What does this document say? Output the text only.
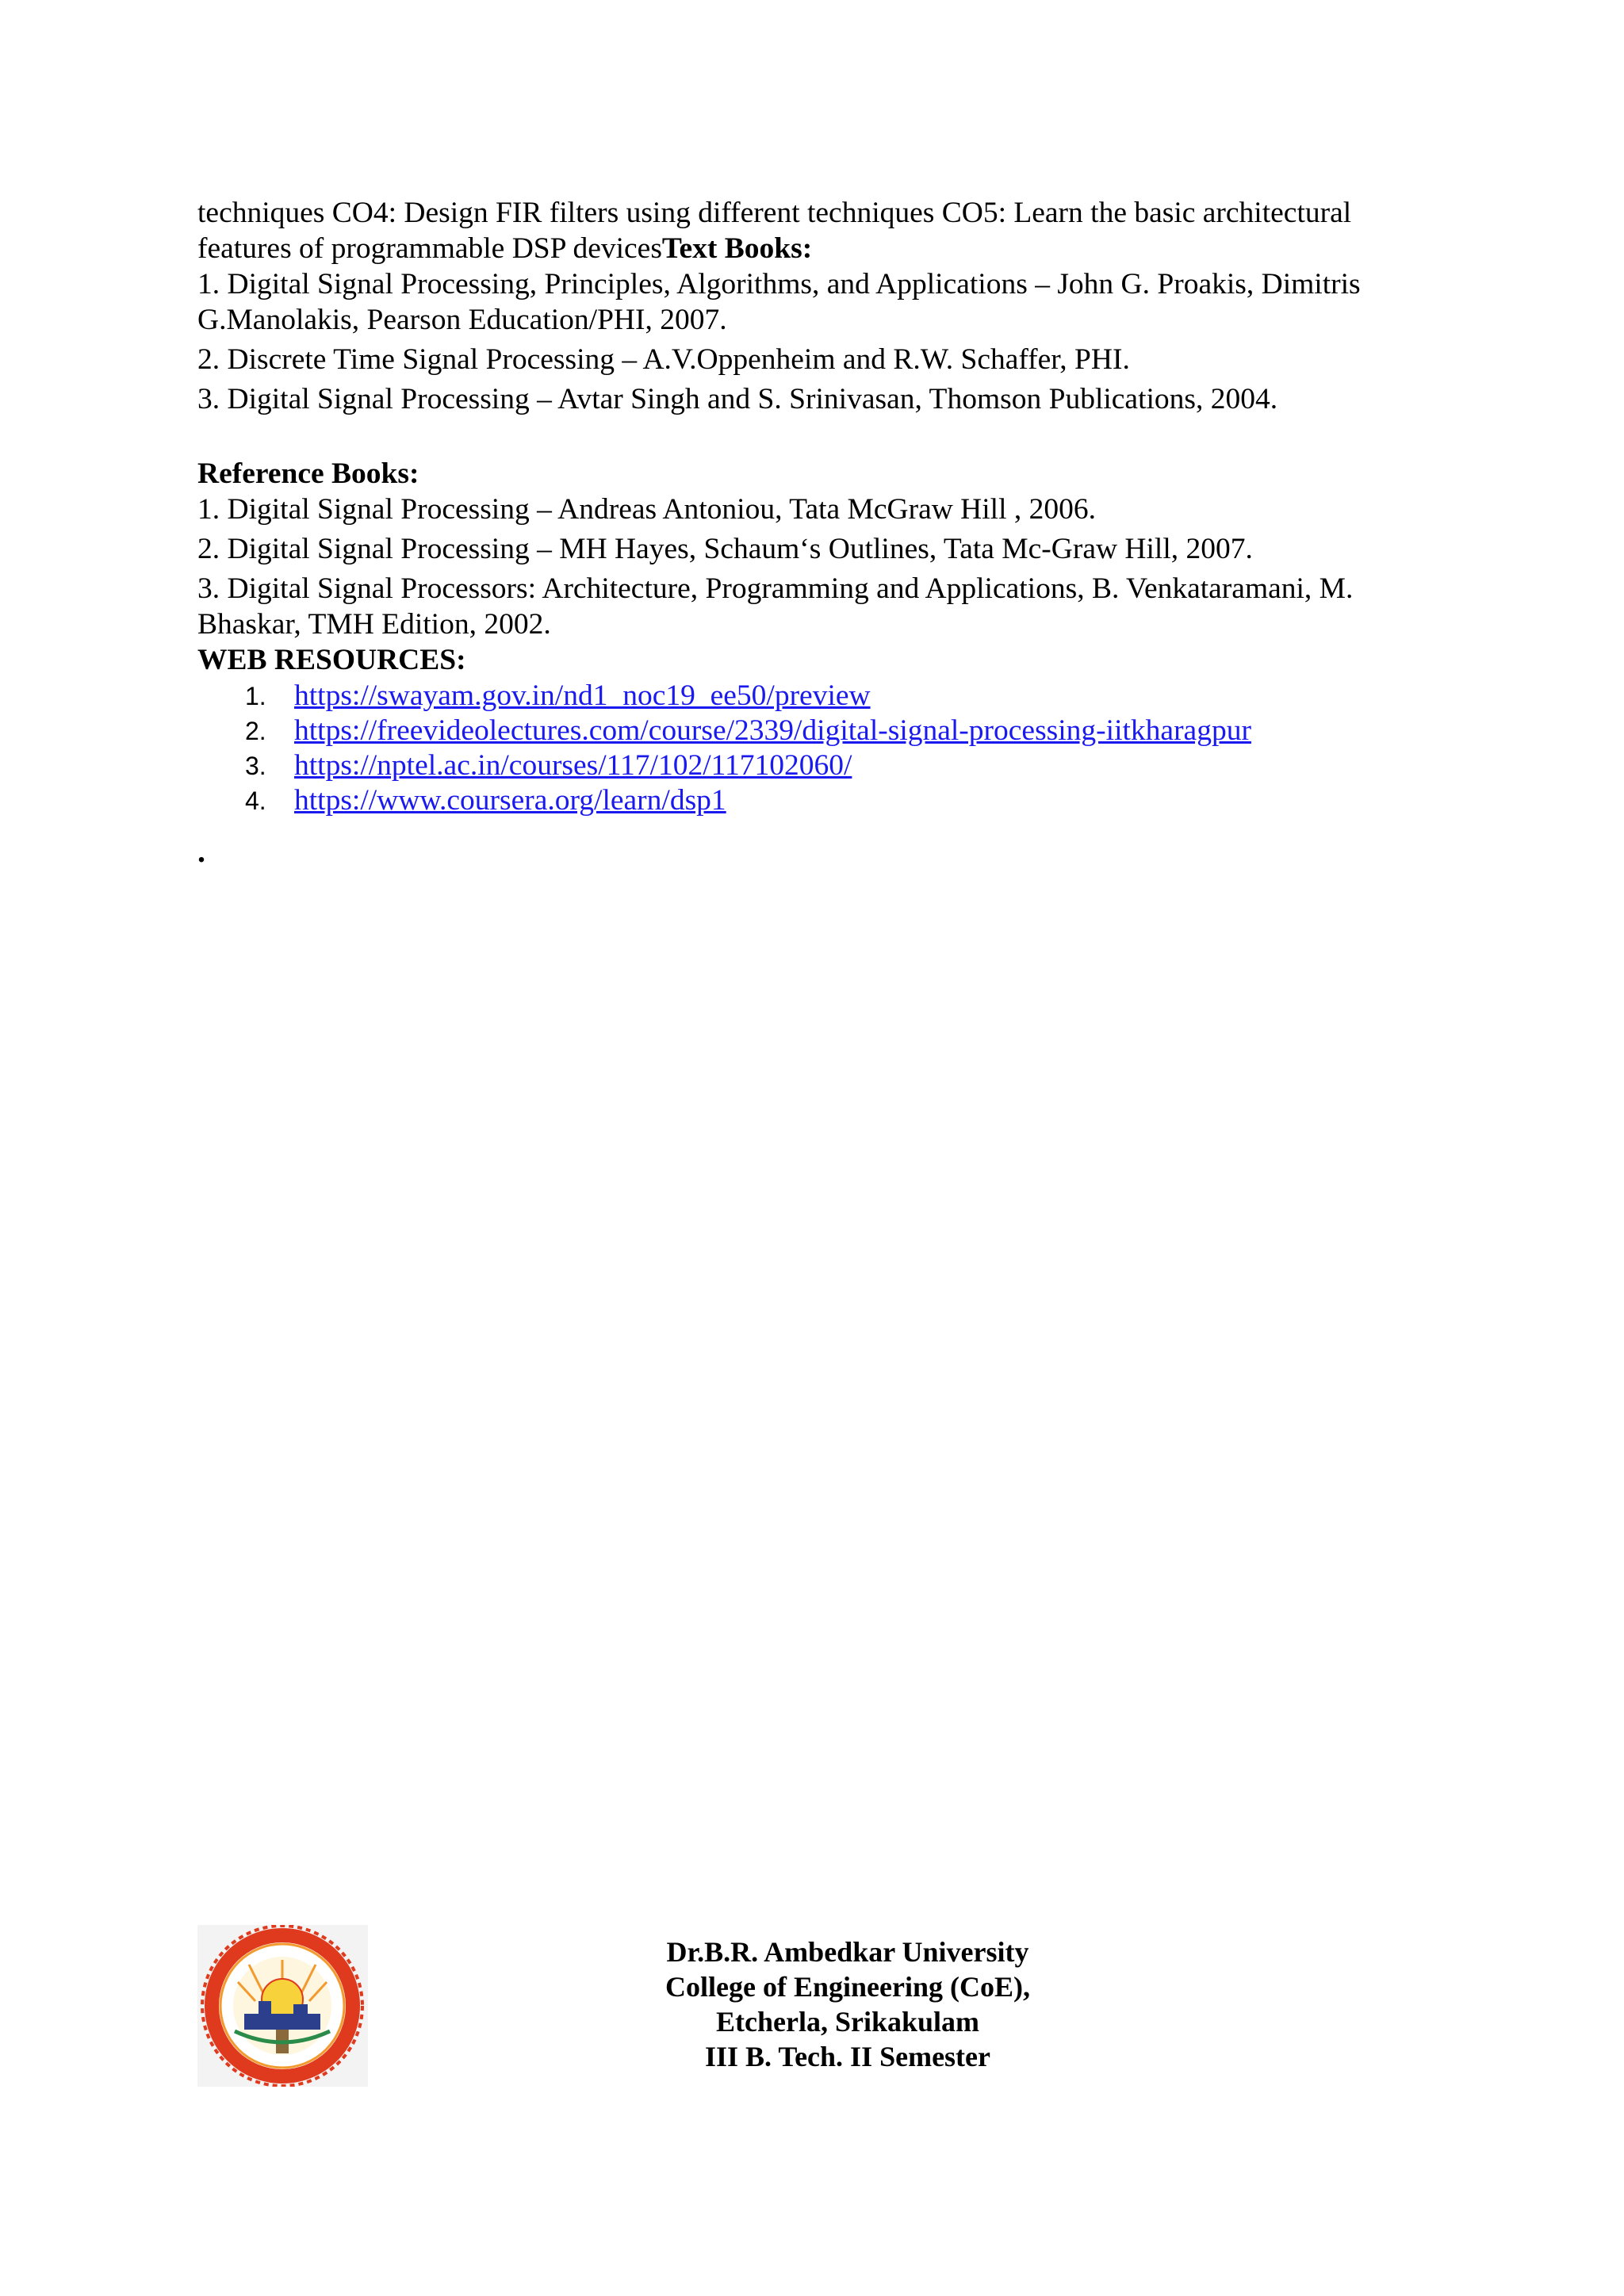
techniques CO4: Design FIR filters using different techniques CO5: Learn the basic architectural

features of programmable DSP devicesText Books:

1. Digital Signal Processing, Principles, Algorithms, and Applications – John G. Proakis, Dimitris G.Manolakis, Pearson Education/PHI, 2007.

2. Discrete Time Signal Processing – A.V.Oppenheim and R.W. Schaffer, PHI.

3. Digital Signal Processing – Avtar Singh and S. Srinivasan, Thomson Publications, 2004.

Reference Books:

1. Digital Signal Processing – Andreas Antoniou, Tata McGraw Hill , 2006.

2. Digital Signal Processing – MH Hayes, Schaum‘s Outlines, Tata Mc-Graw Hill, 2007.

3. Digital Signal Processors: Architecture, Programming and Applications, B. Venkataramani, M. Bhaskar, TMH Edition, 2002.

WEB RESOURCES:

1. https://swayam.gov.in/nd1_noc19_ee50/preview
2. https://freevideolectures.com/course/2339/digital-signal-processing-iitkharagpur
3. https://nptel.ac.in/courses/117/102/117102060/
4. https://www.coursera.org/learn/dsp1

.

Dr.B.R. Ambedkar University
College of Engineering (CoE),
Etcherla, Srikakulam
III B. Tech. II Semester
